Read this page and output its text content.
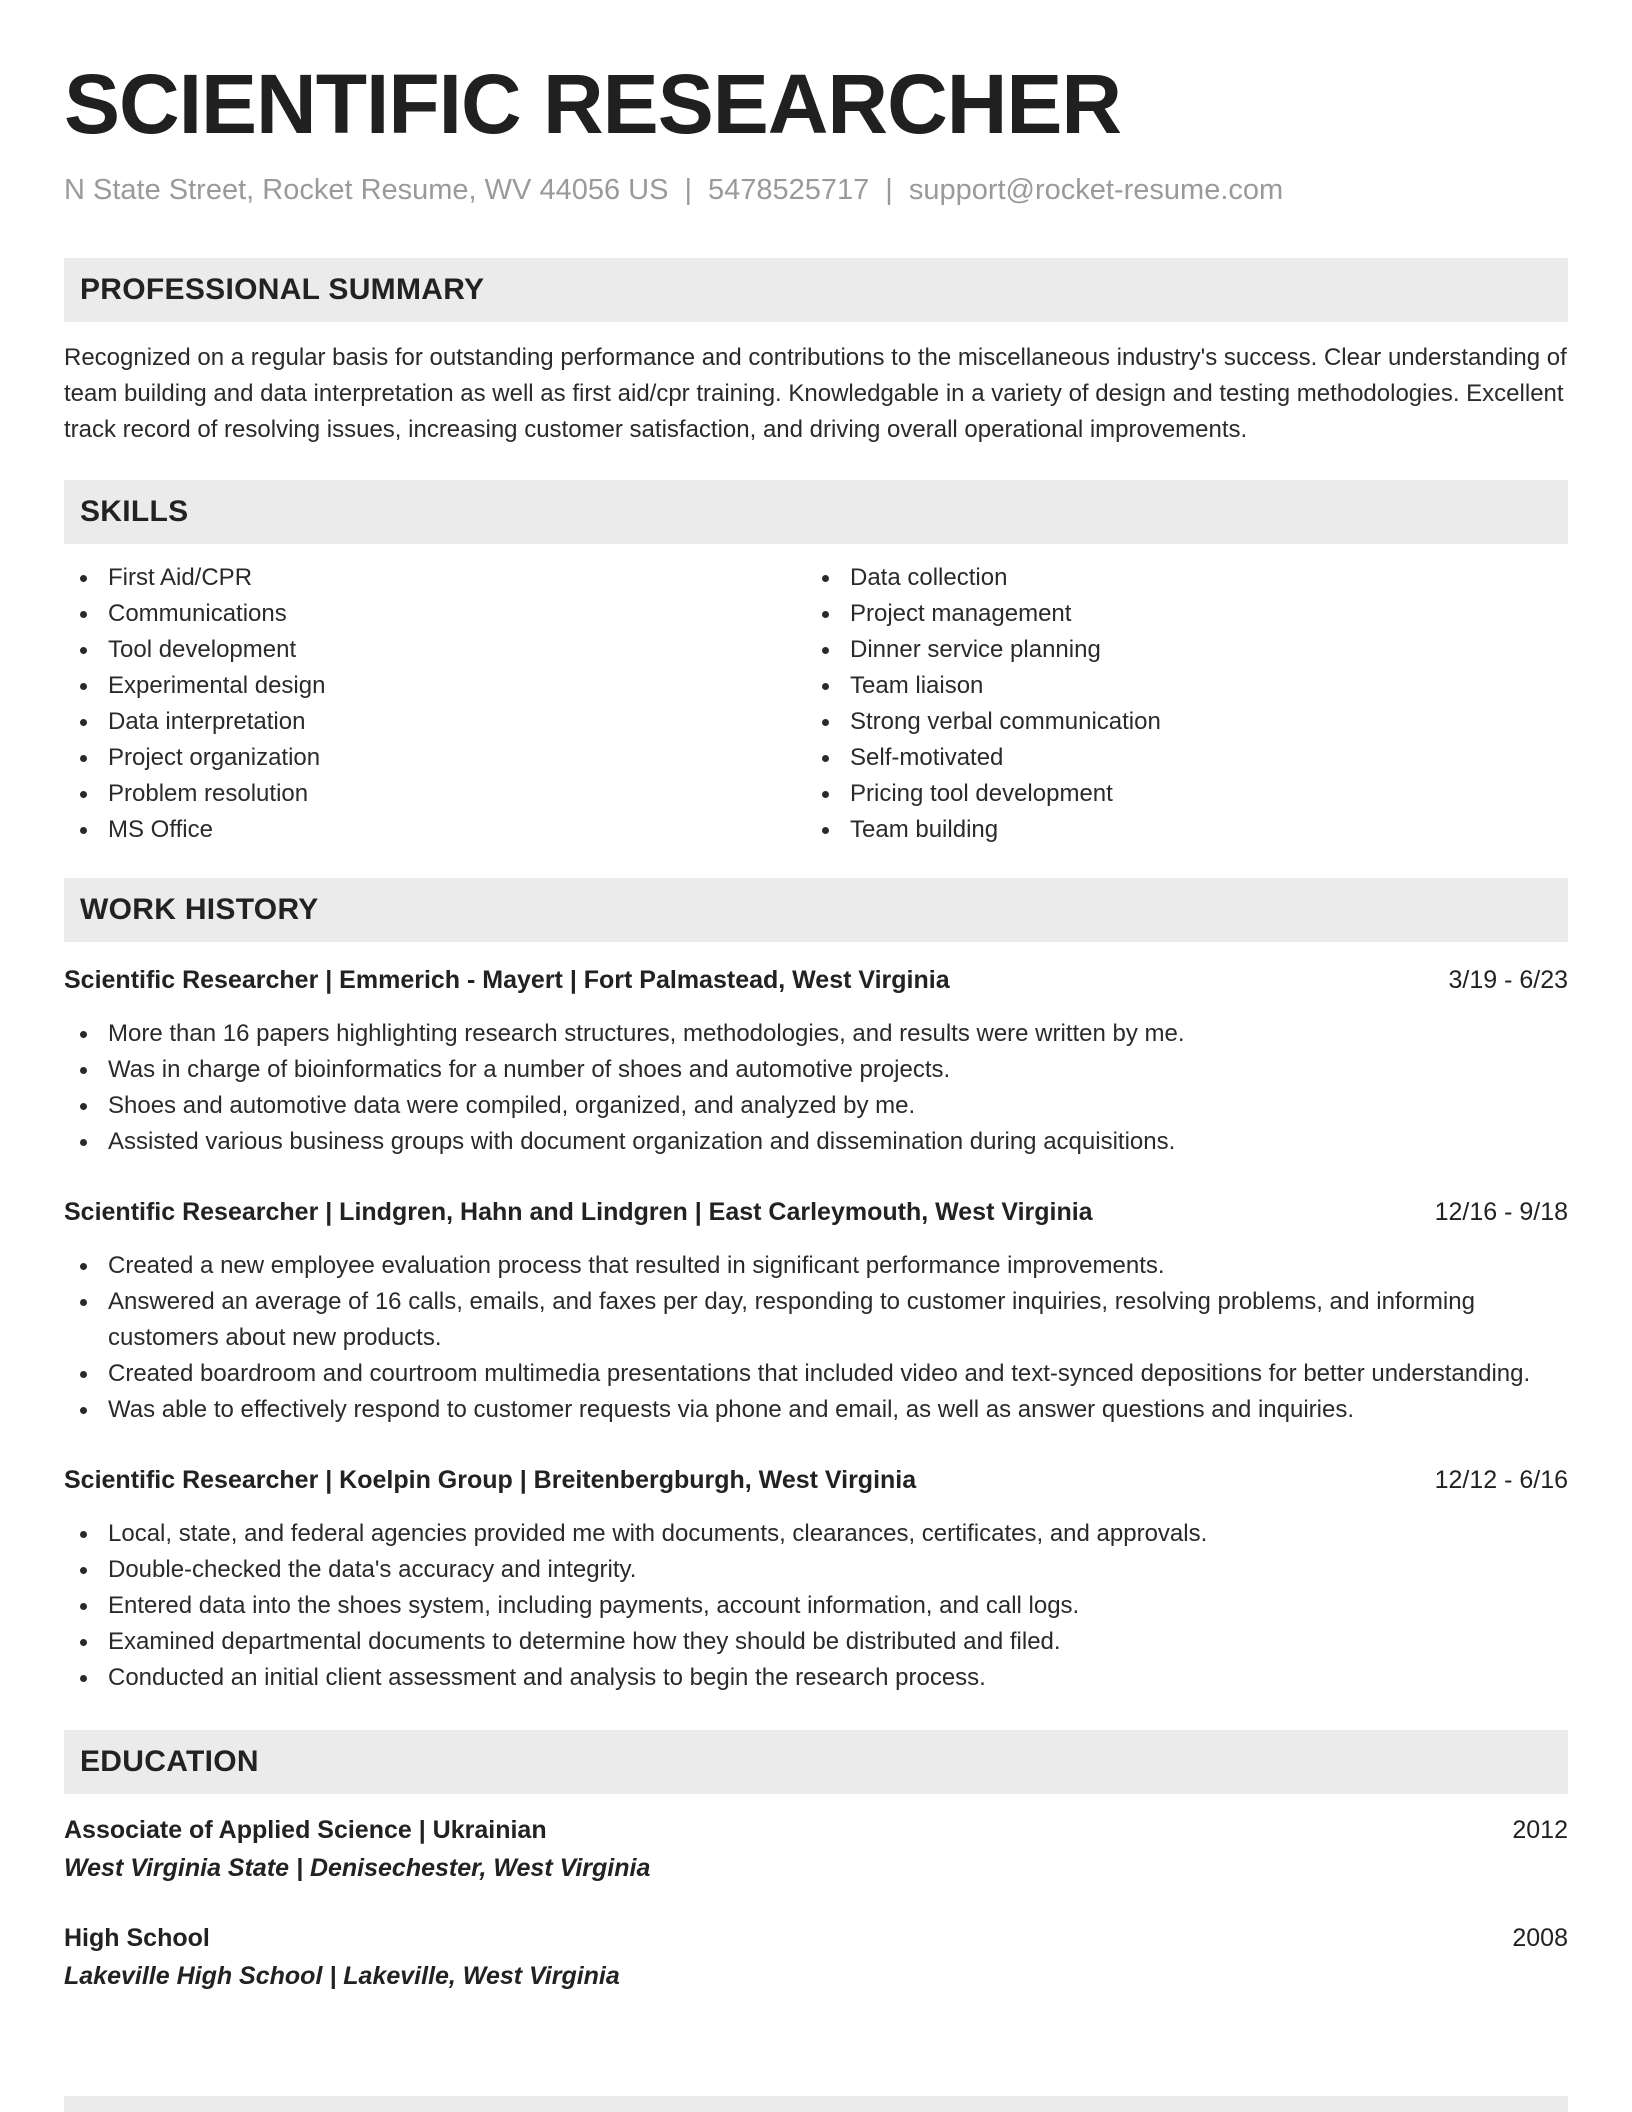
SCIENTIFIC RESEARCHER
N State Street, Rocket Resume, WV 44056 US | 5478525717 | support@rocket-resume.com
PROFESSIONAL SUMMARY
Recognized on a regular basis for outstanding performance and contributions to the miscellaneous industry's success. Clear understanding of team building and data interpretation as well as first aid/cpr training. Knowledgable in a variety of design and testing methodologies. Excellent track record of resolving issues, increasing customer satisfaction, and driving overall operational improvements.
SKILLS
First Aid/CPR
Communications
Tool development
Experimental design
Data interpretation
Project organization
Problem resolution
MS Office
Data collection
Project management
Dinner service planning
Team liaison
Strong verbal communication
Self-motivated
Pricing tool development
Team building
WORK HISTORY
Scientific Researcher | Emmerich - Mayert | Fort Palmastead, West Virginia	3/19 - 6/23
More than 16 papers highlighting research structures, methodologies, and results were written by me.
Was in charge of bioinformatics for a number of shoes and automotive projects.
Shoes and automotive data were compiled, organized, and analyzed by me.
Assisted various business groups with document organization and dissemination during acquisitions.
Scientific Researcher | Lindgren, Hahn and Lindgren | East Carleymouth, West Virginia	12/16 - 9/18
Created a new employee evaluation process that resulted in significant performance improvements.
Answered an average of 16 calls, emails, and faxes per day, responding to customer inquiries, resolving problems, and informing customers about new products.
Created boardroom and courtroom multimedia presentations that included video and text-synced depositions for better understanding.
Was able to effectively respond to customer requests via phone and email, as well as answer questions and inquiries.
Scientific Researcher | Koelpin Group | Breitenbergburgh, West Virginia	12/12 - 6/16
Local, state, and federal agencies provided me with documents, clearances, certificates, and approvals.
Double-checked the data's accuracy and integrity.
Entered data into the shoes system, including payments, account information, and call logs.
Examined departmental documents to determine how they should be distributed and filed.
Conducted an initial client assessment and analysis to begin the research process.
EDUCATION
Associate of Applied Science | Ukrainian	2012
West Virginia State | Denisechester, West Virginia
High School	2008
Lakeville High School | Lakeville, West Virginia
